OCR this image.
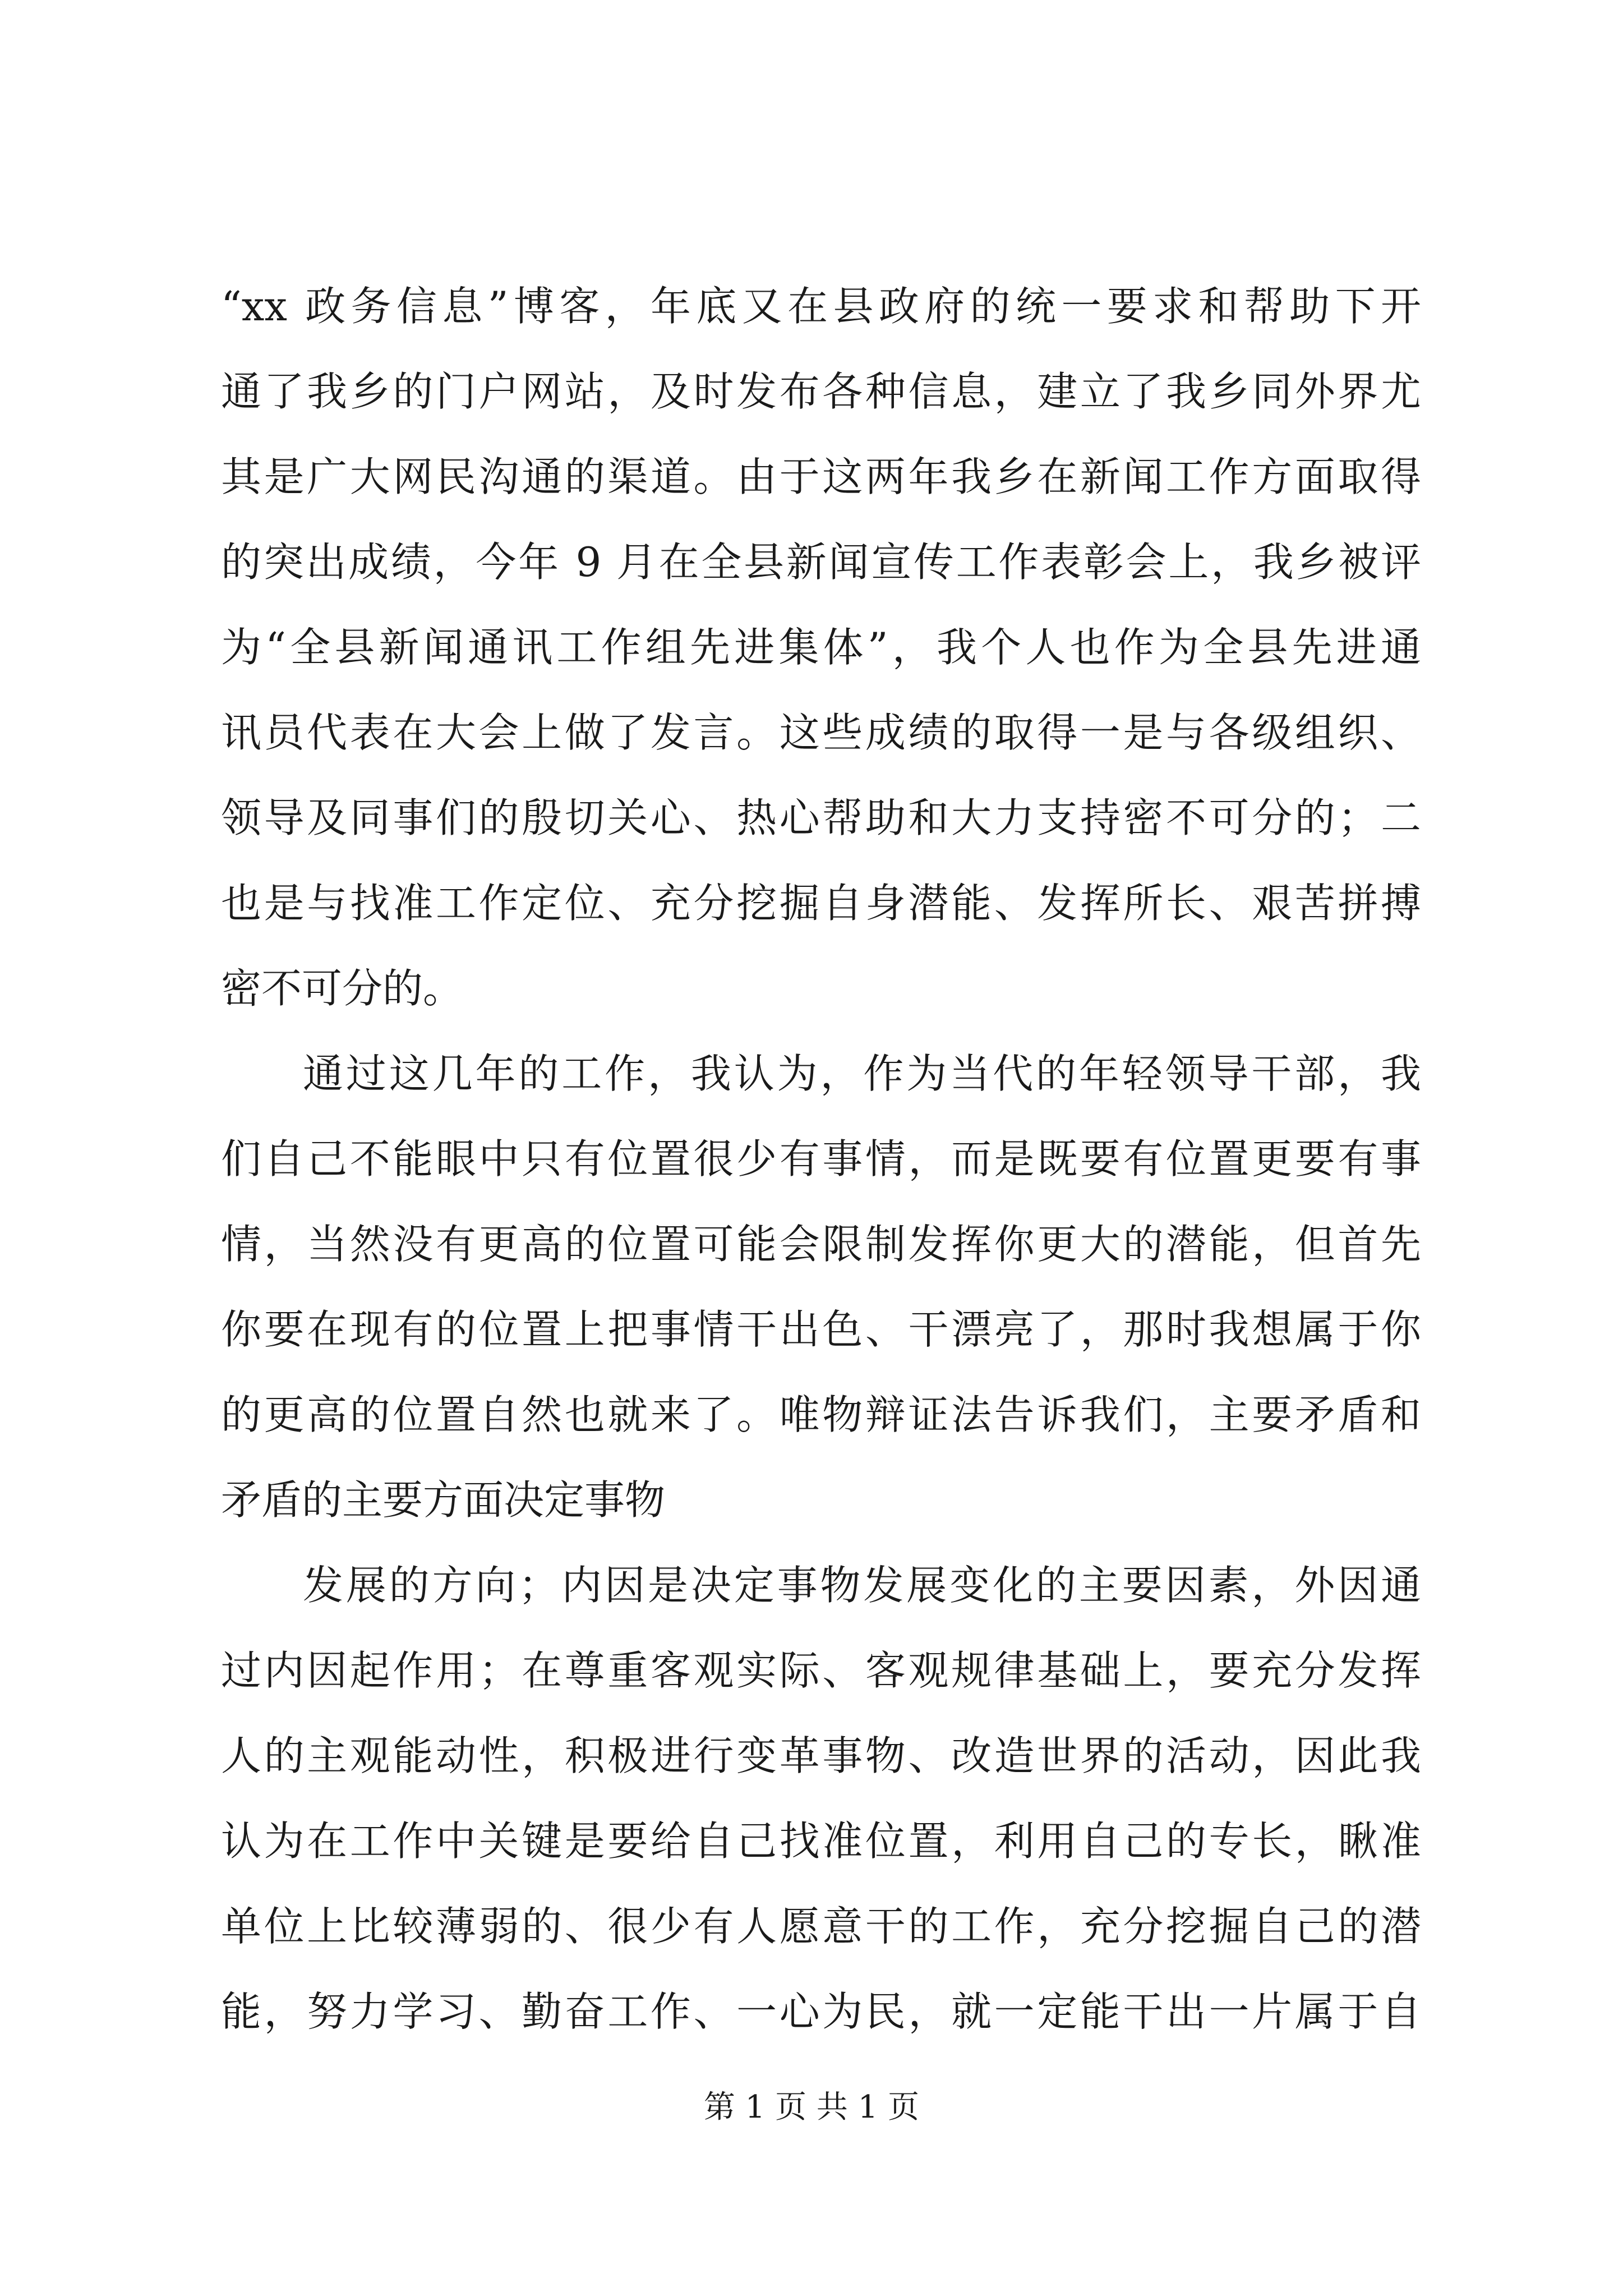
“xx 政务信息”博客，年底又在县政府的统一要求和帮助下开
通了我乡的门户网站，及时发布各种信息，建立了我乡同外界尤
其是广大网民沟通的渠道。由于这两年我乡在新闻工作方面取得
的突出成绩，今年 9 月在全县新闻宣传工作表彰会上，我乡被评
为“全县新闻通讯工作组先进集体”，我个人也作为全县先进通
讯员代表在大会上做了发言。这些成绩的取得一是与各级组织、
领导及同事们的殷切关心、热心帮助和大力支持密不可分的；二
也是与找准工作定位、充分挖掘自身潜能、发挥所长、艰苦拼搏
密不可分的。
通过这几年的工作，我认为，作为当代的年轻领导干部，我
们自己不能眼中只有位置很少有事情，而是既要有位置更要有事
情，当然没有更高的位置可能会限制发挥你更大的潜能，但首先
你要在现有的位置上把事情干出色、干漂亮了，那时我想属于你
的更高的位置自然也就来了。唯物辩证法告诉我们，主要矛盾和
矛盾的主要方面决定事物
发展的方向；内因是决定事物发展变化的主要因素，外因通
过内因起作用；在尊重客观实际、客观规律基础上，要充分发挥
人的主观能动性，积极进行变革事物、改造世界的活动，因此我
认为在工作中关键是要给自己找准位置，利用自己的专长，瞅准
单位上比较薄弱的、很少有人愿意干的工作，充分挖掘自己的潜
能，努力学习、勤奋工作、一心为民，就一定能干出一片属于自
第 1 页 共 1 页
